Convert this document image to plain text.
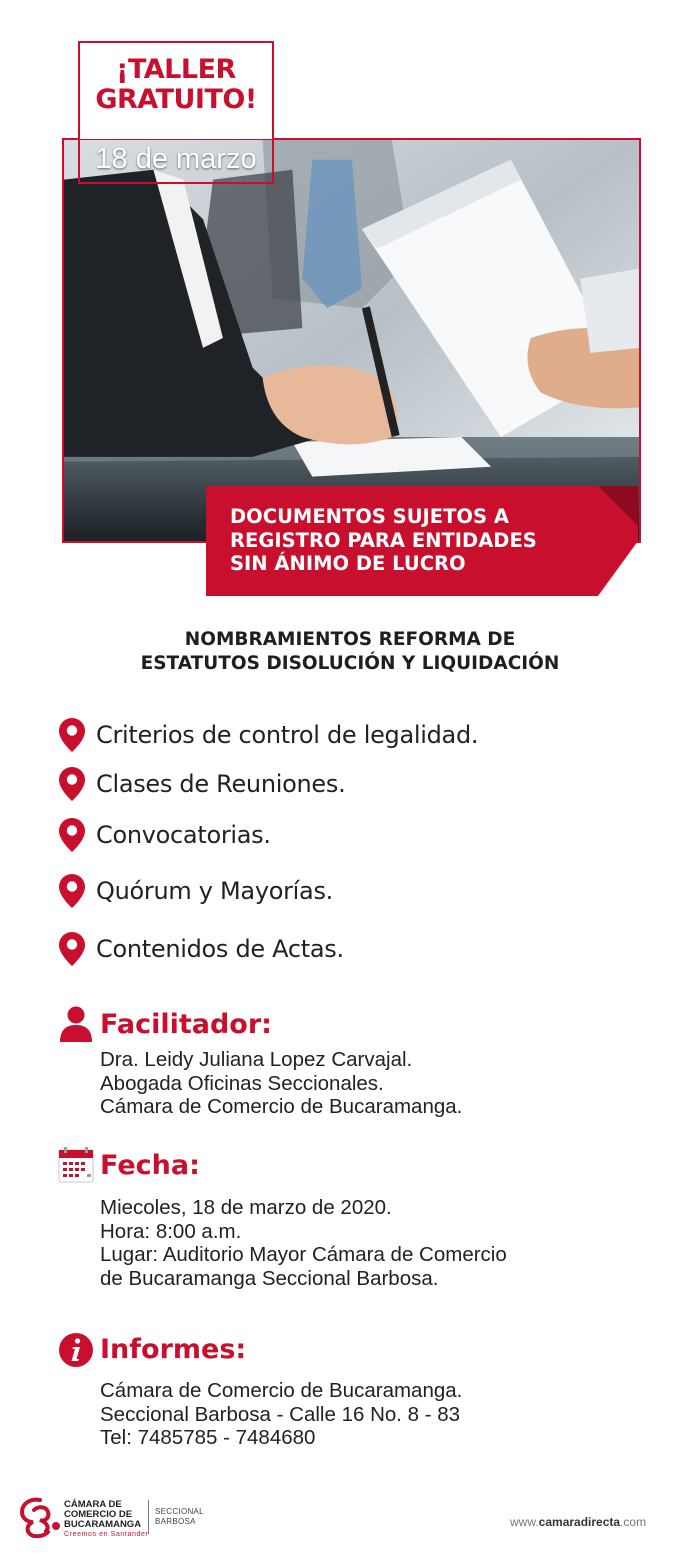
¡TALLER
GRATUITO!
18 de marzo
DOCUMENTOS SUJETOS A
REGISTRO PARA ENTIDADES
SIN ÁNIMO DE LUCRO
NOMBRAMIENTOS REFORMA DE
ESTATUTOS DISOLUCIÓN Y LIQUIDACIÓN
Criterios de control de legalidad.
Clases de Reuniones.
Convocatorias.
Quórum y Mayorías.
Contenidos de Actas.
Facilitador:
Dra. Leidy Juliana Lopez Carvajal.
Abogada Oficinas Seccionales.
Cámara de Comercio de Bucaramanga.
Fecha:
Miecoles, 18 de marzo de 2020.
Hora: 8:00 a.m.
Lugar: Auditorio Mayor Cámara de Comercio
de Bucaramanga Seccional Barbosa.
Informes:
Cámara de Comercio de Bucaramanga.
Seccional Barbosa - Calle 16 No. 8 - 83
Tel: 7485785 - 7484680
CÁMARA DE
COMERCIO DE
BUCARAMANGA
Creemos en Santander
SECCIONAL
BARBOSA	www.camaradirecta.com
